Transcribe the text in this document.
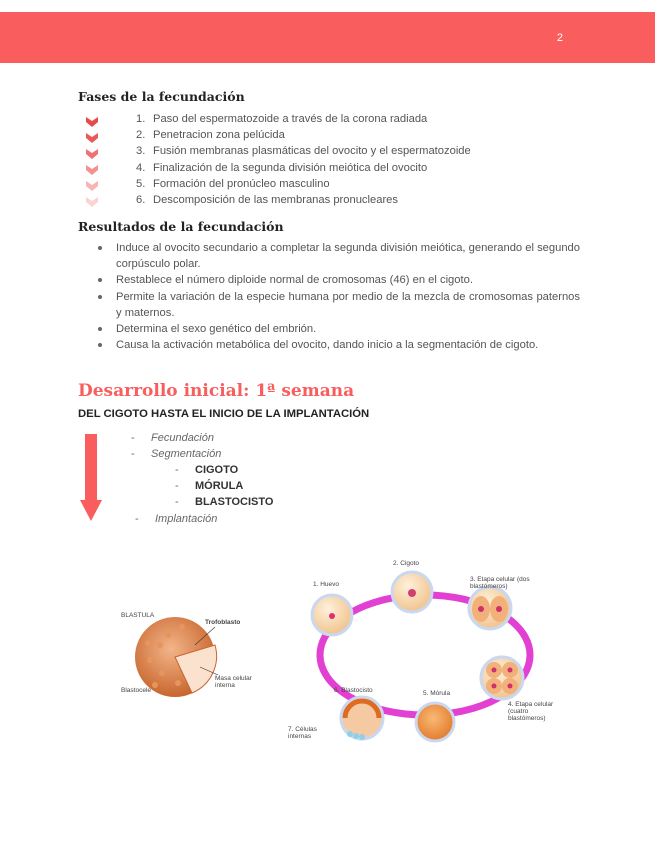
2
Fases de la fecundación
1. Paso del espermatozoide a través de la corona radiada
2. Penetracion zona pelúcida
3. Fusión membranas plasmáticas del ovocito y el espermatozoide
4. Finalización de la segunda división meiótica del ovocito
5. Formación del pronúcleo masculino
6. Descomposición de las membranas pronucleares
Resultados de la fecundación
Induce al ovocito secundario a completar la segunda división meiótica, generando el segundo corpúsculo polar.
Restablece el número diploide normal de cromosomas (46) en el cigoto.
Permite la variación de la especie humana por medio de la mezcla de cromosomas paternos y maternos.
Determina el sexo genético del embrión.
Causa la activación metabólica del ovocito, dando inicio a la segmentación de cigoto.
Desarrollo inicial: 1ª semana
DEL CIGOTO HASTA EL INICIO DE LA IMPLANTACIÓN
- Fecundación
- Segmentación
- CIGOTO
- MÓRULA
- BLASTOCISTO
- Implantación
BLASTULA
Trofoblasto
Blastocele
Masa celular interna
1. Huevo
2. Cigoto
3. Etapa celular (dos blastómeros)
4. Etapa celular (cuatro blastómeros)
5. Mórula
6. Blastocisto
7. Células internas
